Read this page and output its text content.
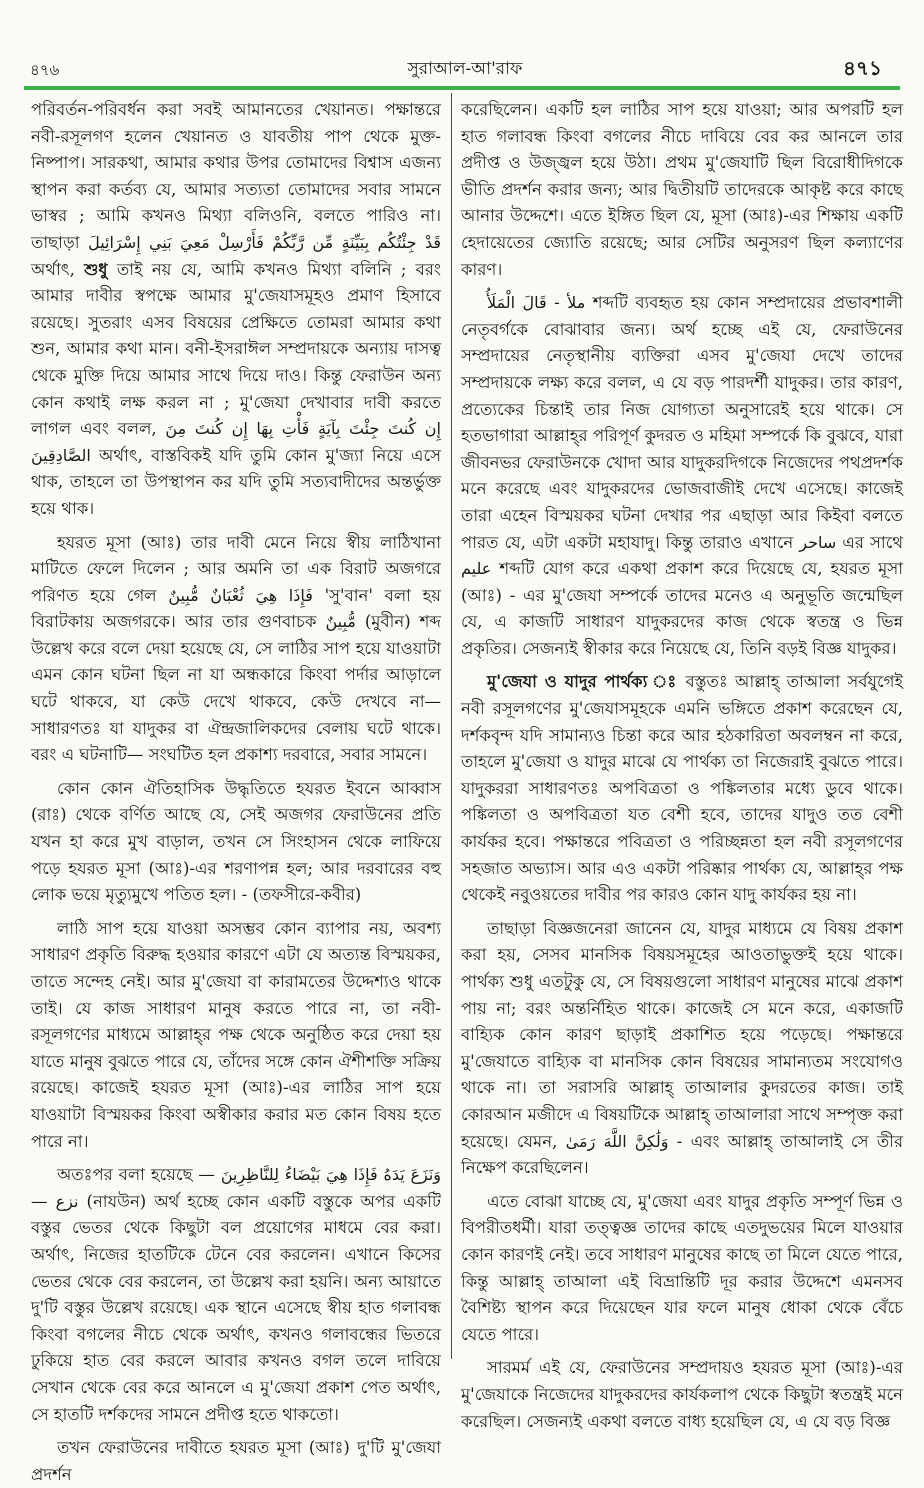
৪৭৬	সুরাআল-আ'রাফ	৪৭১

পরিবর্তন-পরিবর্ধন করা সবই আমানতের খেয়ানত। পক্ষান্তরে নবী-রসূলগণ হলেন খেয়ানত ও যাবতীয় পাপ থেকে মুক্ত-নিষ্পাপ। সারকথা, আমার কথার উপর তোমাদের বিশ্বাস এজন্য স্থাপন করা কর্তব্য যে, আমার সত্যতা তোমাদের সবার সামনে ভাস্বর ; আমি কখনও মিথ্যা বলিওনি, বলতে পারিও না। তাছাড়া قَدْ جِئْتُكُم بِبَيِّنَةٍ مِّن رَّبِّكُمْ فَأَرْسِلْ مَعِيَ بَنِي إِسْرَائِيلَ অর্থাৎ, শুধু তাই নয় যে, আমি কখনও মিথ্যা বলিনি ; বরং আমার দাবীর স্বপক্ষে আমার মু'জেযাসমূহও প্রমাণ হিসাবে রয়েছে। সুতরাং এসব বিষয়ের প্রেক্ষিতে তোমরা আমার কথা শুন, আমার কথা মান। বনী-ইসরাঈল সম্প্রদায়কে অন্যায় দাসত্ব থেকে মুক্তি দিয়ে আমার সাথে দিয়ে দাও। কিন্তু ফেরাউন অন্য কোন কথাই লক্ষ করল না ; মু'জেযা দেখাবার দাবী করতে লাগল এবং বলল, إِن كُنتَ جِئْتَ بِآيَةٍ فَأْتِ بِهَا إِن كُنتَ مِنَ الصَّادِقِينَ অর্থাৎ, বাস্তবিকই যদি তুমি কোন মু'জ্যা নিয়ে এসে থাক, তাহলে তা উপস্থাপন কর যদি তুমি সত্যবাদীদের অন্তর্ভুক্ত হয়ে থাক।

হযরত মূসা (আঃ) তার দাবী মেনে নিয়ে স্বীয় লাঠিখানা মাটিতে ফেলে দিলেন ; আর অমনি তা এক বিরাট অজগরে পরিণত হয়ে গেল فَإِذَا هِيَ ثُعْبَانٌ مُّبِينٌ 'সু'বান' বলা হয় বিরাটকায় অজগরকে। আর তার গুণবাচক مُّبِينٌ (মুবীন) শব্দ উল্লেখ করে বলে দেয়া হয়েছে যে, সে লাঠির সাপ হয়ে যাওয়াটা এমন কোন ঘটনা ছিল না যা অন্ধকারে কিংবা পর্দার আড়ালে ঘটে থাকবে, যা কেউ দেখে থাকবে, কেউ দেখবে না— সাধারণতঃ যা যাদুকর বা ঐন্দ্রজালিকদের বেলায় ঘটে থাকে। বরং এ ঘটনাটি— সংঘটিত হল প্রকাশ্য দরবারে, সবার সামনে।

কোন কোন ঐতিহাসিক উদ্ধৃতিতে হযরত ইবনে আব্বাস (রাঃ) থেকে বর্ণিত আছে যে, সেই অজগর ফেরাউনের প্রতি যখন হা করে মুখ বাড়াল, তখন সে সিংহাসন থেকে লাফিয়ে পড়ে হযরত মূসা (আঃ)-এর শরণাপন্ন হল; আর দরবারের বহু লোক ভয়ে মৃত্যুমুখে পতিত হল। - (তফসীরে-কবীর)

লাঠি সাপ হয়ে যাওয়া অসম্ভব কোন ব্যাপার নয়, অবশ্য সাধারণ প্রকৃতি বিরুদ্ধ হওয়ার কারণে এটা যে অত্যন্ত বিস্ময়কর, তাতে সন্দেহ নেই। আর মু'জেযা বা কারামতের উদ্দেশ্যও থাকে তাই। যে কাজ সাধারণ মানুষ করতে পারে না, তা নবী-রসূলগণের মাধ্যমে আল্লাহ্‌র পক্ষ থেকে অনুষ্ঠিত করে দেয়া হয় যাতে মানুষ বুঝতে পারে যে, তাঁদের সঙ্গে কোন ঐশীশক্তি সক্রিয় রয়েছে। কাজেই হযরত মূসা (আঃ)-এর লাঠির সাপ হয়ে যাওয়াটা বিস্ময়কর কিংবা অস্বীকার করার মত কোন বিষয় হতে পারে না।

অতঃপর বলা হয়েছে — وَنَزَعَ يَدَهُ فَإِذَا هِيَ بَيْضَاءُ لِلنَّاظِرِينَ — نزع (নাযউন) অর্থ হচ্ছে কোন একটি বস্তুকে অপর একটি বস্তুর ভেতর থেকে কিছুটা বল প্রয়োগের মাধমে বের করা। অর্থাৎ, নিজের হাতটিকে টেনে বের করলেন। এখানে কিসের ভেতর থেকে বের করলেন, তা উল্লেখ করা হয়নি। অন্য আয়াতে দু'টি বস্তুর উল্লেখ রয়েছে। এক স্থানে এসেছে স্বীয় হাত গলাবন্ধ কিংবা বগলের নীচে থেকে অর্থাৎ, কখনও গলাবন্ধের ভিতরে ঢুকিয়ে হাত বের করলে আবার কখনও বগল তলে দাবিয়ে সেখান থেকে বের করে আনলে এ মু'জেযা প্রকাশ পেত অর্থাৎ, সে হাতটি দর্শকদের সামনে প্রদীপ্ত হতে থাকতো।

তখন ফেরাউনের দাবীতে হযরত মূসা (আঃ) দু'টি মু'জেযা প্রদর্শন

করেছিলেন। একটি হল লাঠির সাপ হয়ে যাওয়া; আর অপরটি হল হাত গলাবন্ধ কিংবা বগলের নীচে দাবিয়ে বের কর আনলে তার প্রদীপ্ত ও উজ্জ্বল হয়ে উঠা। প্রথম মু'জেযাটি ছিল বিরোধীদিগকে ভীতি প্রদর্শন করার জন্য; আর দ্বিতীয়টি তাদেরকে আকৃষ্ট করে কাছে আনার উদ্দেশে। এতে ইঙ্গিত ছিল যে, মূসা (আঃ)-এর শিক্ষায় একটি হেদায়েতের জ্যোতি রয়েছে; আর সেটির অনুসরণ ছিল কল্যাণের কারণ।

قَالَ الْمَلَأُ - ملأ শব্দটি ব্যবহৃত হয় কোন সম্প্রদায়ের প্রভাবশালী নেতৃবর্গকে বোঝাবার জন্য। অর্থ হচ্ছে এই যে, ফেরাউনের সম্প্রদায়ের নেতৃস্থানীয় ব্যক্তিরা এসব মু'জেযা দেখে তাদের সম্প্রদায়কে লক্ষ্য করে বলল, এ যে বড় পারদর্শী যাদুকর। তার কারণ, প্রত্যেকের চিন্তাই তার নিজ যোগ্যতা অনুসারেই হয়ে থাকে। সে হতভাগারা আল্লাহ্‌র পরিপূর্ণ কুদরত ও মহিমা সম্পর্কে কি বুঝবে, যারা জীবনভর ফেরাউনকে খোদা আর যাদুকরদিগকে নিজেদের পথপ্রদর্শক মনে করেছে এবং যাদুকরদের ভোজবাজীই দেখে এসেছে। কাজেই তারা এহেন বিস্ময়কর ঘটনা দেখার পর এছাড়া আর কিইবা বলতে পারত যে, এটা একটা মহাযাদু। কিন্তু তারাও এখানে ساحر এর সাথে عليم শব্দটি যোগ করে একথা প্রকাশ করে দিয়েছে যে, হযরত মূসা (আঃ) - এর মু'জেযা সম্পর্কে তাদের মনেও এ অনুভূতি জন্মেছিল যে, এ কাজটি সাধারণ যাদুকরদের কাজ থেকে স্বতন্ত্র ও ভিন্ন প্রকৃতির। সেজন্যই স্বীকার করে নিয়েছে যে, তিনি বড়ই বিজ্ঞ যাদুকর।

মু'জেযা ও যাদুর পার্থক্য ঃ বস্তুতঃ আল্লাহ্‌ তাআলা সর্বযুগেই নবী রসূলগণের মু'জেযাসমূহকে এমনি ভঙ্গিতে প্রকাশ করেছেন যে, দর্শকবৃন্দ যদি সামান্যও চিন্তা করে আর হঠকারিতা অবলম্বন না করে, তাহলে মু'জেযা ও যাদুর মাঝে যে পার্থক্য তা নিজেরাই বুঝতে পারে। যাদুকররা সাধারণতঃ অপবিত্রতা ও পঙ্কিলতার মধ্যে ডুবে থাকে। পঙ্কিলতা ও অপবিত্রতা যত বেশী হবে, তাদের যাদুও তত বেশী কার্যকর হবে। পক্ষান্তরে পবিত্রতা ও পরিচ্ছন্নতা হল নবী রসূলগণের সহজাত অভ্যাস। আর এও একটা পরিষ্কার পার্থক্য যে, আল্লাহ্‌র পক্ষ থেকেই নবুওয়তের দাবীর পর কারও কোন যাদু কার্যকর হয় না।

তাছাড়া বিজ্ঞজনেরা জানেন যে, যাদুর মাধ্যমে যে বিষয় প্রকাশ করা হয়, সেসব মানসিক বিষয়সমূহের আওতাভুক্তই হয়ে থাকে। পার্থক্য শুধু এতটুকু যে, সে বিষয়গুলো সাধারণ মানুষের মাঝে প্রকাশ পায় না; বরং অন্তর্নিহিত থাকে। কাজেই সে মনে করে, একাজটি বাহ্যিক কোন কারণ ছাড়াই প্রকাশিত হয়ে পড়েছে। পক্ষান্তরে মু'জেযাতে বাহ্যিক বা মানসিক কোন বিষয়ের সামান্যতম সংযোগও থাকে না। তা সরাসরি আল্লাহ্‌ তাআলার কুদরতের কাজ। তাই কোরআন মজীদে এ বিষয়টিকে আল্লাহ্‌ তাআলারা সাথে সম্পৃক্ত করা হয়েছে। যেমন, وَلَٰكِنَّ اللَّهَ رَمَىٰ - এবং আল্লাহ্‌ তাআলাই সে তীর নিক্ষেপ করেছিলেন।

এতে বোঝা যাচ্ছে যে, মু'জেযা এবং যাদুর প্রকৃতি সম্পূর্ণ ভিন্ন ও বিপরীতধর্মী। যারা তত্ত্বজ্ঞ তাদের কাছে এতদুভয়ের মিলে যাওয়ার কোন কারণই নেই। তবে সাধারণ মানুষের কাছে তা মিলে যেতে পারে, কিন্তু আল্লাহ্‌ তাআলা এই বিভ্রান্তিটি দূর করার উদ্দেশে এমনসব বৈশিষ্ট্য স্থাপন করে দিয়েছেন যার ফলে মানুষ ধোকা থেকে বেঁচে যেতে পারে।

সারমর্ম এই যে, ফেরাউনের সম্প্রদায়ও হযরত মূসা (আঃ)-এর মু'জেযাকে নিজেদের যাদুকরদের কার্যকলাপ থেকে কিছুটা স্বতন্ত্রই মনে করেছিল। সেজন্যই একথা বলতে বাধ্য হয়েছিল যে, এ যে বড় বিজ্ঞ
